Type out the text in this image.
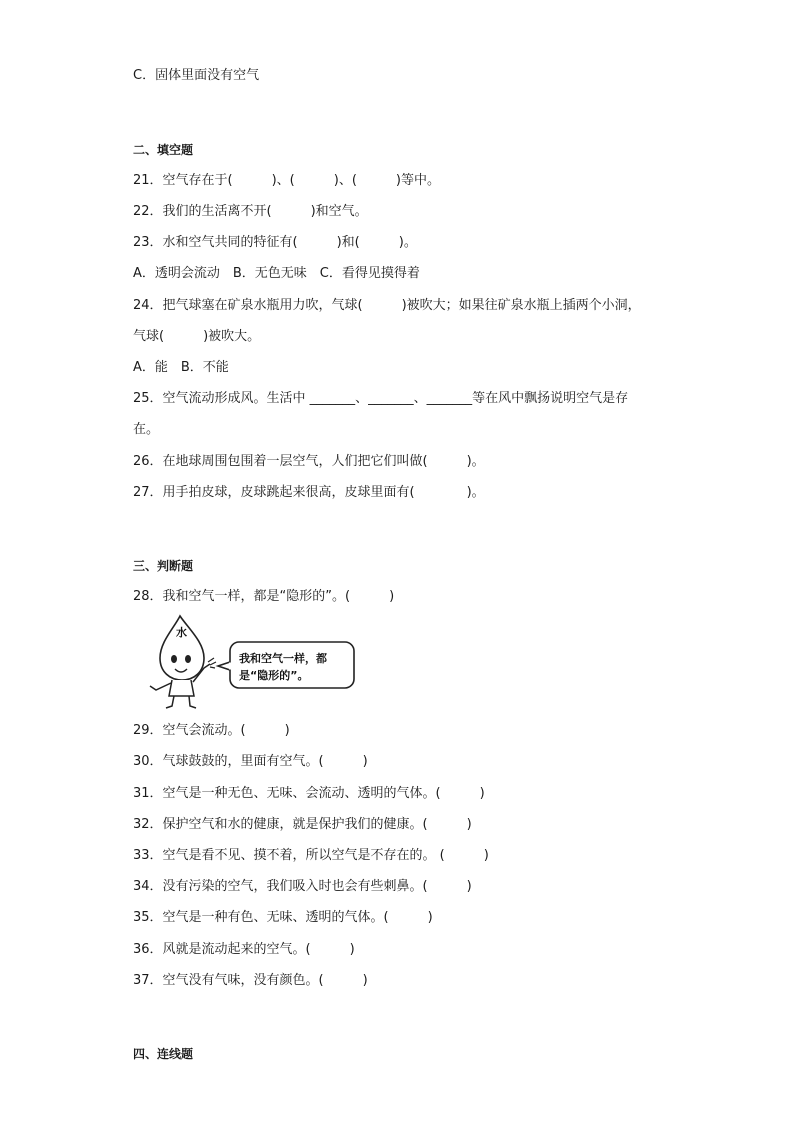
C．固体里面没有空气
二、填空题
21．空气存在于(　　　)、(　　　)、(　　　)等中。
22．我们的生活离不开(　　　)和空气。
23．水和空气共同的特征有(　　　)和(　　　)。
A．透明会流动　B．无色无味　C．看得见摸得着
24．把气球塞在矿泉水瓶用力吹，气球(　　　)被吹大；如果往矿泉水瓶上插两个小洞，
气球(　　　)被吹大。
A．能　B．不能
25．空气流动形成风。生活中 _______、_______、_______等在风中飘扬说明空气是存
在。
26．在地球周围包围着一层空气，人们把它们叫做(　　　)。
27．用手拍皮球，皮球跳起来很高，皮球里面有(　　　　)。
三、判断题
28．我和空气一样，都是“隐形的”。(　　　)
水
我和空气一样，都
是“隐形的”。
29．空气会流动。(　　　)
30．气球鼓鼓的，里面有空气。(　　　)
31．空气是一种无色、无味、会流动、透明的气体。(　　　)
32．保护空气和水的健康，就是保护我们的健康。(　　　)
33．空气是看不见、摸不着，所以空气是不存在的。 (　　　)
34．没有污染的空气，我们吸入时也会有些刺鼻。(　　　)
35．空气是一种有色、无味、透明的气体。(　　　)
36．风就是流动起来的空气。(　　　)
37．空气没有气味，没有颜色。(　　　)
四、连线题
